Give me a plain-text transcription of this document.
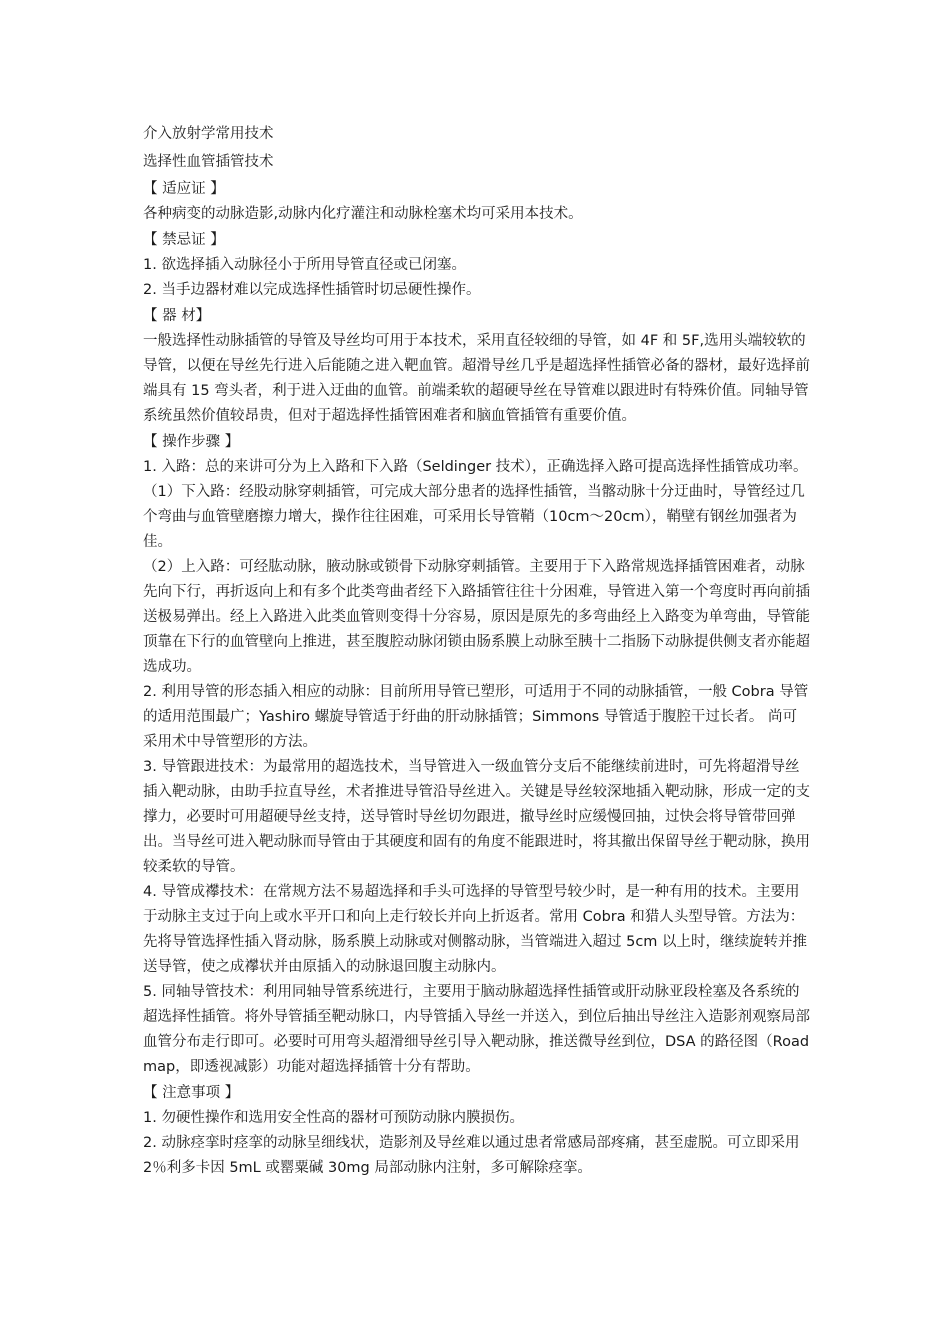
介入放射学常用技术
选择性血管插管技术
【 适应证 】

各种病变的动脉造影,动脉内化疗灌注和动脉栓塞术均可采用本技术。

【 禁忌证 】

1. 欲选择插入动脉径小于所用导管直径或已闭塞。

2. 当手边器材难以完成选择性插管时切忌硬性操作。

【 器 材】

一般选择性动脉插管的导管及导丝均可用于本技术，采用直径较细的导管，如 4F 和 5F,选用头端较软的导管，以便在导丝先行进入后能随之进入靶血管。超滑导丝几乎是超选择性插管必备的器材，最好选择前端具有 15 弯头者，利于进入迂曲的血管。前端柔软的超硬导丝在导管难以跟进时有特殊价值。同轴导管系统虽然价值较昂贵，但对于超选择性插管困难者和脑血管插管有重要价值。

【 操作步骤 】

1. 入路：总的来讲可分为上入路和下入路（Seldinger 技术），正确选择入路可提高选择性插管成功率。

（1）下入路：经股动脉穿刺插管，可完成大部分患者的选择性插管，当髂动脉十分迂曲时，导管经过几个弯曲与血管壁磨擦力增大，操作往往困难，可采用长导管鞘（10cm～20cm），鞘壁有钢丝加强者为佳。

（2）上入路：可经肱动脉，腋动脉或锁骨下动脉穿刺插管。主要用于下入路常规选择插管困难者，动脉先向下行，再折返向上和有多个此类弯曲者经下入路插管往往十分困难，导管进入第一个弯度时再向前插送极易弹出。经上入路进入此类血管则变得十分容易，原因是原先的多弯曲经上入路变为单弯曲，导管能顶靠在下行的血管壁向上推进，甚至腹腔动脉闭锁由肠系膜上动脉至胰十二指肠下动脉提供侧支者亦能超选成功。

2. 利用导管的形态插入相应的动脉：目前所用导管已塑形，可适用于不同的动脉插管，一般 Cobra 导管的适用范围最广；Yashiro 螺旋导管适于纡曲的肝动脉插管；Simmons 导管适于腹腔干过长者。 尚可采用术中导管塑形的方法。

3. 导管跟进技术：为最常用的超选技术，当导管进入一级血管分支后不能继续前进时，可先将超滑导丝插入靶动脉，由助手拉直导丝，术者推进导管沿导丝进入。关键是导丝较深地插入靶动脉，形成一定的支撑力，必要时可用超硬导丝支持，送导管时导丝切勿跟进，撤导丝时应缓慢回抽，过快会将导管带回弹出。当导丝可进入靶动脉而导管由于其硬度和固有的角度不能跟进时，将其撤出保留导丝于靶动脉，换用较柔软的导管。

4. 导管成襻技术：在常规方法不易超选择和手头可选择的导管型号较少时，是一种有用的技术。主要用于动脉主支过于向上或水平开口和向上走行较长并向上折返者。常用 Cobra 和猎人头型导管。方法为：先将导管选择性插入肾动脉，肠系膜上动脉或对侧髂动脉，当管端进入超过 5cm 以上时，继续旋转并推送导管，使之成襻状并由原插入的动脉退回腹主动脉内。

5. 同轴导管技术：利用同轴导管系统进行，主要用于脑动脉超选择性插管或肝动脉亚段栓塞及各系统的超选择性插管。将外导管插至靶动脉口，内导管插入导丝一并送入，到位后抽出导丝注入造影剂观察局部血管分布走行即可。必要时可用弯头超滑细导丝引导入靶动脉，推送微导丝到位，DSA 的路径图（Roadmap，即透视减影）功能对超选择插管十分有帮助。

【 注意事项 】

1. 勿硬性操作和选用安全性高的器材可预防动脉内膜损伤。

2. 动脉痉挛时痉挛的动脉呈细线状，造影剂及导丝难以通过患者常感局部疼痛，甚至虚脱。可立即采用 2％利多卡因 5mL 或罂粟碱 30mg 局部动脉内注射，多可解除痉挛。
